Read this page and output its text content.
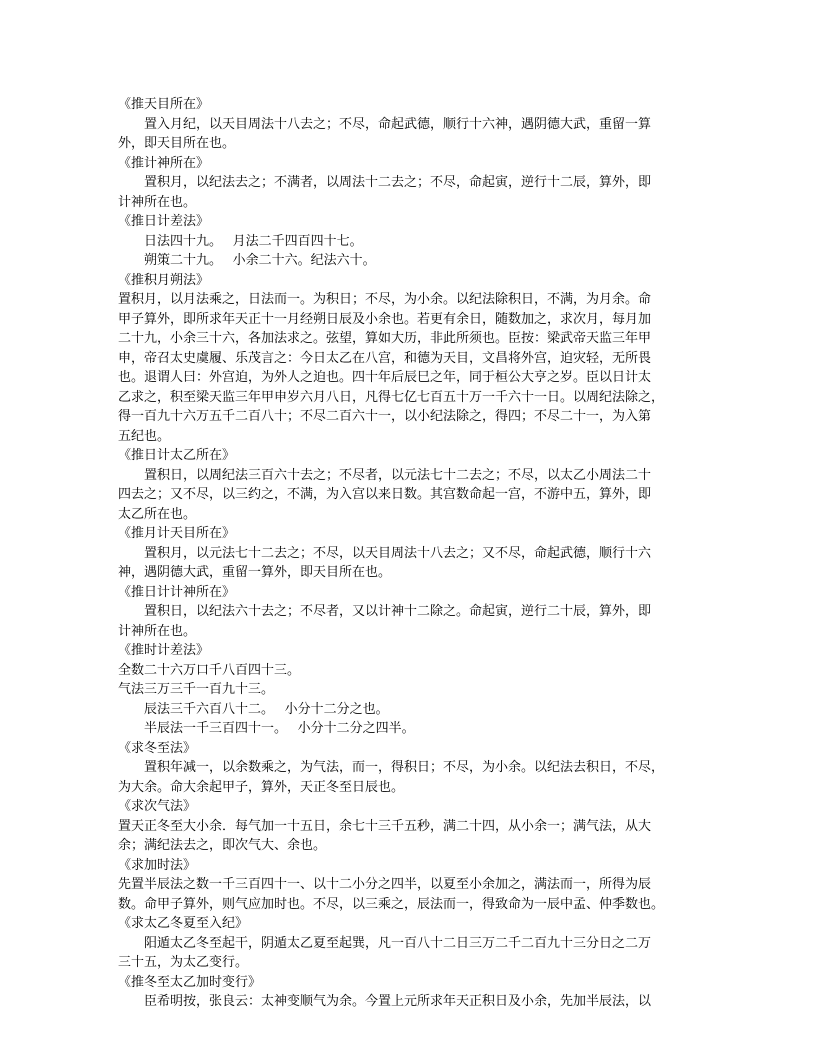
《推天目所在》
置入月纪，以天目周法十八去之；不尽，命起武德，顺行十六神，遇阴德大武，重留一算
外，即天目所在也。
《推计神所在》
置积月，以纪法去之；不满者，以周法十二去之；不尽，命起寅，逆行十二辰，算外，即
计神所在也。
《推日计差法》
日法四十九。　 月法二千四百四十七。
朔策二十九。　 小余二十六。纪法六十。
《推积月朔法》
置积月，以月法乘之，日法而一。为积日；不尽，为小余。以纪法除积日，不满，为月余。命
甲子算外，即所求年天正十一月经朔日辰及小余也。若更有余日，随数加之，求次月，每月加
二十九，小余三十六，各加法求之。弦望，算如大历，非此所须也。臣按：梁武帝天监三年甲
申，帝召太史虞履、乐茂言之：今日太乙在八宫，和德为天目，文昌将外宫，迫灾轻，无所畏
也。退谓人曰：外宫迫，为外人之迫也。四十年后辰巳之年，同于桓公大亨之岁。臣以日计太
乙求之，积至梁天监三年甲申岁六月八日，凡得七亿七百五十万一千六十一日。以周纪法除之，
得一百九十六万五千二百八十；不尽二百六十一，以小纪法除之，得四；不尽二十一，为入第
五纪也。
《推日计太乙所在》
置积日，以周纪法三百六十去之；不尽者，以元法七十二去之；不尽，以太乙小周法二十
四去之；又不尽，以三约之，不满，为入宫以来日数。其宫数命起一宫，不游中五，算外，即
太乙所在也。
《推月计天目所在》
置积月，以元法七十二去之；不尽，以天目周法十八去之；又不尽，命起武德，顺行十六
神，遇阴德大武，重留一算外，即天目所在也。
《推日计计神所在》
置积日，以纪法六十去之；不尽者，又以计神十二除之。命起寅，逆行二十辰，算外，即
计神所在也。
《推时计差法》
全数二十六万口千八百四十三。
气法三万三千一百九十三。
辰法三千六百八十二。　 小分十二分之也。
半辰法一千三百四十一。　 小分十二分之四半。
《求冬至法》
置积年减一，以余数乘之，为气法，而一，得积日；不尽，为小余。以纪法去积日，不尽，
为大余。命大余起甲子，算外，天正冬至日辰也。
《求次气法》
置天正冬至大小余．每气加一十五日，余七十三千五秒，满二十四，从小余一；满气法，从大
余；满纪法去之，即次气大、余也。
《求加时法》
先置半辰法之数一千三百四十一、以十二小分之四半，以夏至小余加之，满法而一，所得为辰
数。命甲子算外，则气应加时也。不尽，以三乘之，辰法而一，得致命为一辰中孟、仲季数也。
《求太乙冬夏至入纪》
阳遁太乙冬至起干，阴遁太乙夏至起巽，凡一百八十二日三万二千二百九十三分日之二万
三十五，为太乙变行。
《推冬至太乙加时变行》
臣希明按，张良云：太神变顺气为余。今置上元所求年天正积日及小余，先加半辰法，以
